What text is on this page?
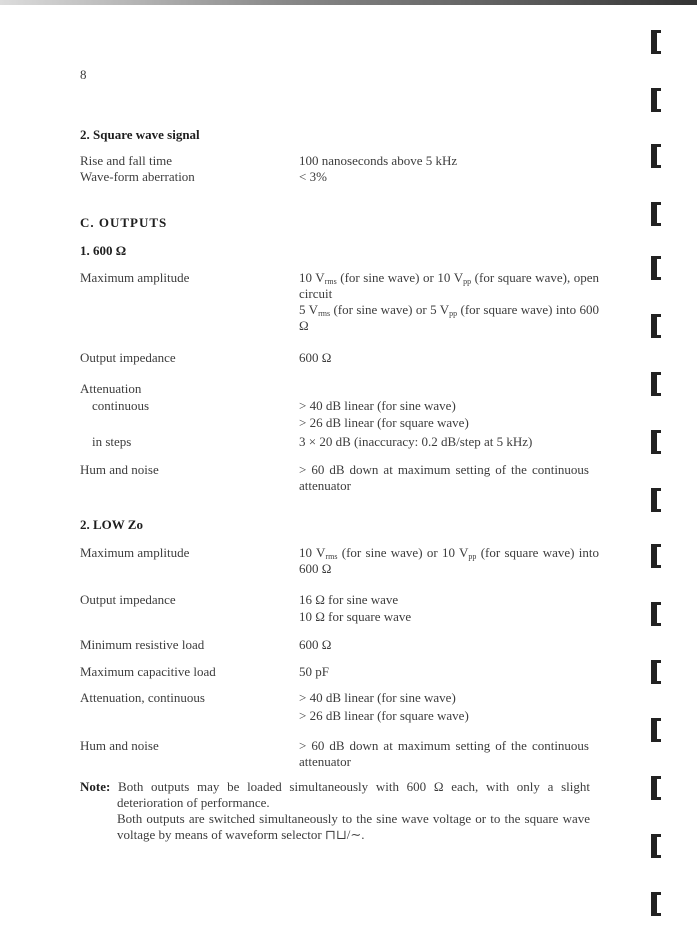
8
2. Square wave signal
Rise and fall time	100 nanoseconds above 5 kHz
Wave-form aberration	< 3%
C. OUTPUTS
1. 600 Ω
Maximum amplitude	10 $V_{rms}$ (for sine wave) or 10 $V_{pp}$ (for square wave), open circuit
5 $V_{rms}$ (for sine wave) or 5 $V_{pp}$ (for square wave) into 600 Ω
Output impedance	600 Ω
Attenuation
continuous	> 40 dB linear (for sine wave)
> 26 dB linear (for square wave)
in steps	3 × 20 dB (inaccuracy: 0.2 dB/step at 5 kHz)
Hum and noise	> 60 dB down at maximum setting of the continuous attenuator
2. LOW Zo
Maximum amplitude	10 $V_{rms}$ (for sine wave) or 10 $V_{pp}$ (for square wave) into 600 Ω
Output impedance	16 Ω for sine wave
10 Ω for square wave
Minimum resistive load	600 Ω
Maximum capacitive load	50 pF
Attenuation, continuous	> 40 dB linear (for sine wave)
> 26 dB linear (for square wave)
Hum and noise	> 60 dB down at maximum setting of the continuous attenuator

Note: Both outputs may be loaded simultaneously with 600 Ω each, with only a slight deterioration of performance.

Both outputs are switched simultaneously to the sine wave voltage or to the square wave voltage by means of waveform selector ⊓⊔/∼.
